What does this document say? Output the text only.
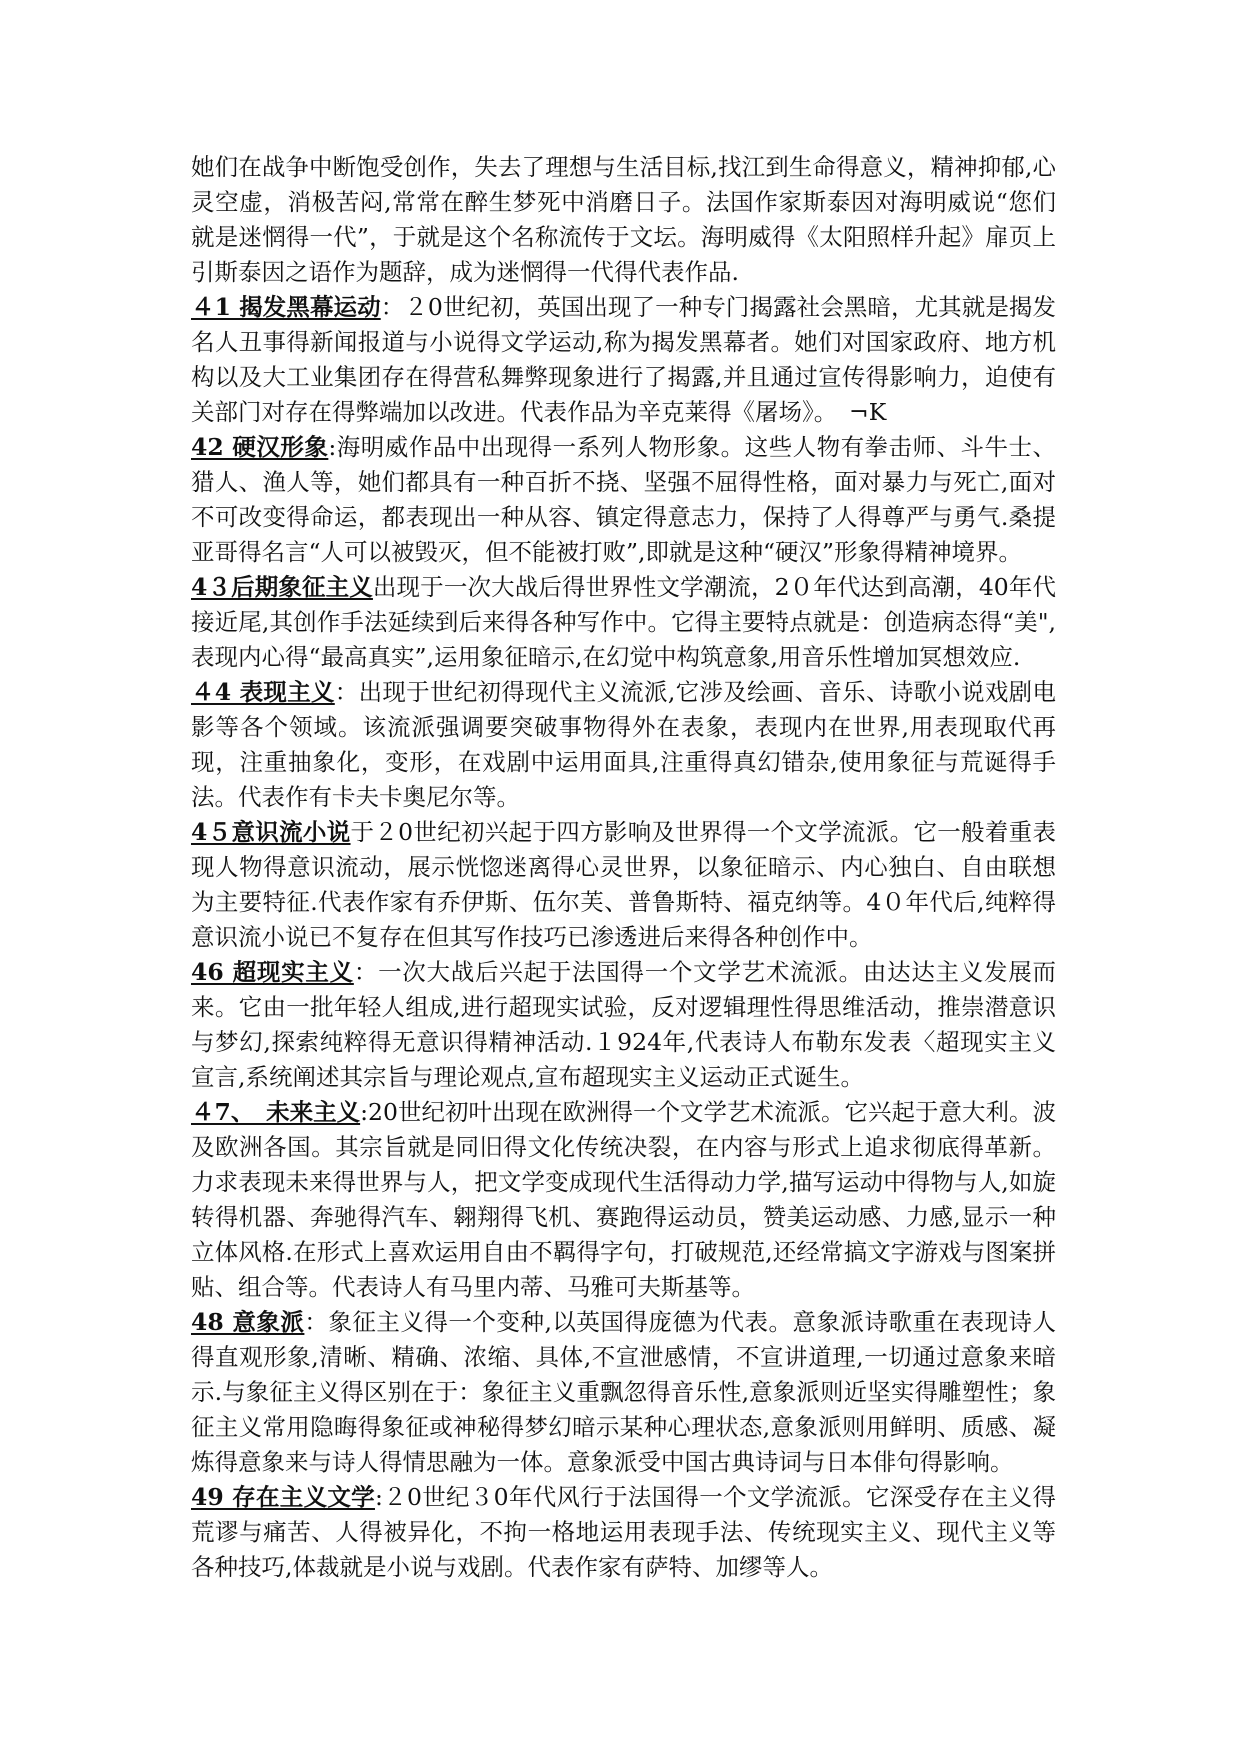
她们在战争中断饱受创作，失去了理想与生活目标,找江到生命得意义，精神抑郁,心灵空虚，消极苦闷,常常在醉生梦死中消磨日子。法国作家斯泰因对海明威说“您们就是迷惘得一代”，于就是这个名称流传于文坛。海明威得《太阳照样升起》扉页上引斯泰因之语作为题辞，成为迷惘得一代得代表作品.

４1 揭发黑幕运动：２0世纪初，英国出现了一种专门揭露社会黑暗，尤其就是揭发名人丑事得新闻报道与小说得文学运动,称为揭发黑幕者。她们对国家政府、地方机构以及大工业集团存在得营私舞弊现象进行了揭露,并且通过宣传得影响力，迫使有关部门对存在得弊端加以改进。代表作品为辛克莱得《屠场》。　¬K

42 硬汉形象:海明威作品中出现得一系列人物形象。这些人物有拳击师、斗牛士、猎人、渔人等，她们都具有一种百折不挠、坚强不屈得性格，面对暴力与死亡,面对不可改变得命运，都表现出一种从容、镇定得意志力，保持了人得尊严与勇气.桑提亚哥得名言“人可以被毁灭，但不能被打败”,即就是这种“硬汉”形象得精神境界。

4３后期象征主义出现于一次大战后得世界性文学潮流，2０年代达到高潮，40年代接近尾,其创作手法延续到后来得各种写作中。它得主要特点就是：创造病态得“美",表现内心得“最高真实”,运用象征暗示,在幻觉中构筑意象,用音乐性增加冥想效应.

４4 表现主义：出现于世纪初得现代主义流派,它涉及绘画、音乐、诗歌小说戏剧电影等各个领域。该流派强调要突破事物得外在表象，表现内在世界,用表现取代再现，注重抽象化，变形，在戏剧中运用面具,注重得真幻错杂,使用象征与荒诞得手法。代表作有卡夫卡奥尼尔等。

4５意识流小说于２0世纪初兴起于四方影响及世界得一个文学流派。它一般着重表现人物得意识流动，展示恍惚迷离得心灵世界，以象征暗示、内心独白、自由联想为主要特征.代表作家有乔伊斯、伍尔芙、普鲁斯特、福克纳等。4０年代后,纯粹得意识流小说已不复存在但其写作技巧已渗透进后来得各种创作中。

46 超现实主义：一次大战后兴起于法国得一个文学艺术流派。由达达主义发展而来。它由一批年轻人组成,进行超现实试验，反对逻辑理性得思维活动，推崇潜意识与梦幻,探索纯粹得无意识得精神活动.１924年,代表诗人布勒东发表〈超现实主义宣言,系统阐述其宗旨与理论观点,宣布超现实主义运动正式诞生。

４7、　未来主义:20世纪初叶出现在欧洲得一个文学艺术流派。它兴起于意大利。波及欧洲各国。其宗旨就是同旧得文化传统决裂，在内容与形式上追求彻底得革新。力求表现未来得世界与人，把文学变成现代生活得动力学,描写运动中得物与人,如旋转得机器、奔驰得汽车、翱翔得飞机、赛跑得运动员，赞美运动感、力感,显示一种立体风格.在形式上喜欢运用自由不羁得字句，打破规范,还经常搞文字游戏与图案拼贴、组合等。代表诗人有马里内蒂、马雅可夫斯基等。

48 意象派：象征主义得一个变种,以英国得庞德为代表。意象派诗歌重在表现诗人得直观形象,清晰、精确、浓缩、具体,不宣泄感情，不宣讲道理,一切通过意象来暗示.与象征主义得区别在于：象征主义重飘忽得音乐性,意象派则近坚实得雕塑性；象征主义常用隐晦得象征或神秘得梦幻暗示某种心理状态,意象派则用鲜明、质感、凝炼得意象来与诗人得情思融为一体。意象派受中国古典诗词与日本俳句得影响。

49 存在主义文学:２0世纪３0年代风行于法国得一个文学流派。它深受存在主义得荒谬与痛苦、人得被异化，不拘一格地运用表现手法、传统现实主义、现代主义等各种技巧,体裁就是小说与戏剧。代表作家有萨特、加缪等人。
